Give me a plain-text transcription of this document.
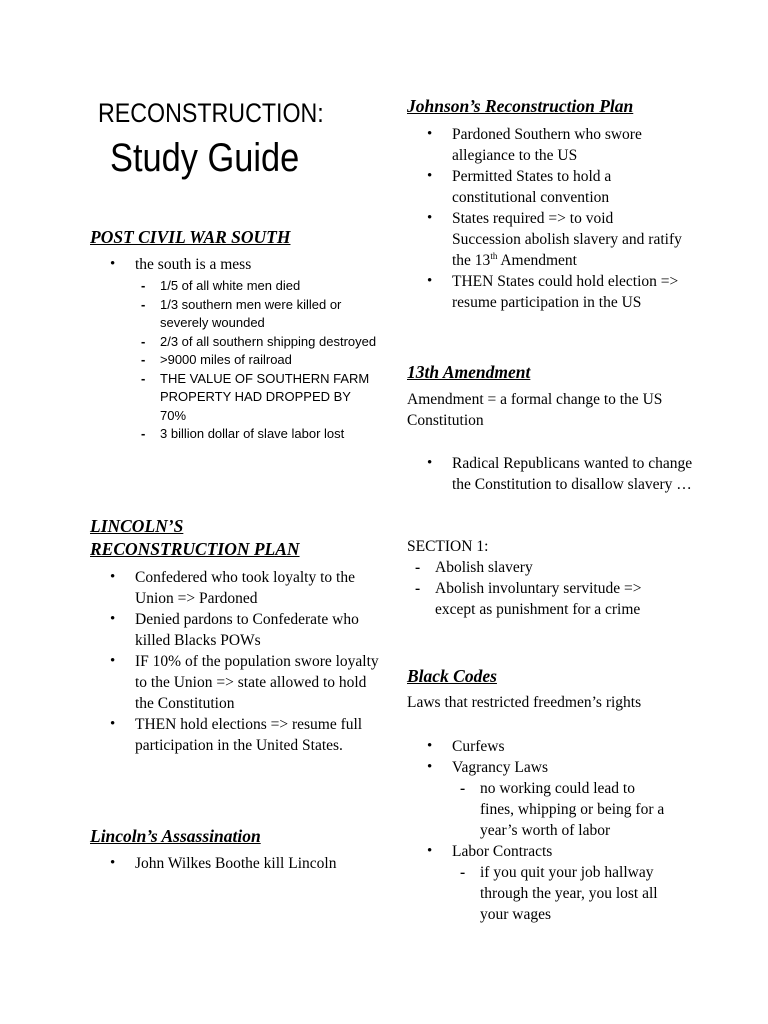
RECONSTRUCTION:
Study Guide
POST CIVIL WAR SOUTH
• the south is a mess
- 1/5 of all white men died
- 1/3 southern men were killed or severely wounded
- 2/3 of all southern shipping destroyed
- >9000 miles of railroad
- THE VALUE OF SOUTHERN FARM PROPERTY HAD DROPPED BY 70%
- 3 billion dollar of slave labor lost
LINCOLN’S
RECONSTRUCTION PLAN
• Confedered who took loyalty to the Union => Pardoned
• Denied pardons to Confederate who killed Blacks POWs
• IF 10% of the population swore loyalty to the Union => state allowed to hold the Constitution
• THEN hold elections => resume full participation in the United States.
Lincoln’s Assassination
• John Wilkes Boothe kill Lincoln
Johnson’s Reconstruction Plan
• Pardoned Southern who swore allegiance to the US
• Permitted States to hold a constitutional convention
• States required => to void Succession abolish slavery and ratify the 13th Amendment
• THEN States could hold election => resume participation in the US
13th Amendment
Amendment = a formal change to the US Constitution
• Radical Republicans wanted to change the Constitution to disallow slavery …
SECTION 1:
- Abolish slavery
- Abolish involuntary servitude => except as punishment for a crime
Black Codes
Laws that restricted freedmen’s rights
• Curfews
• Vagrancy Laws
- no working could lead to fines, whipping or being for a year’s worth of labor
• Labor Contracts
- if you quit your job hallway through the year, you lost all your wages
